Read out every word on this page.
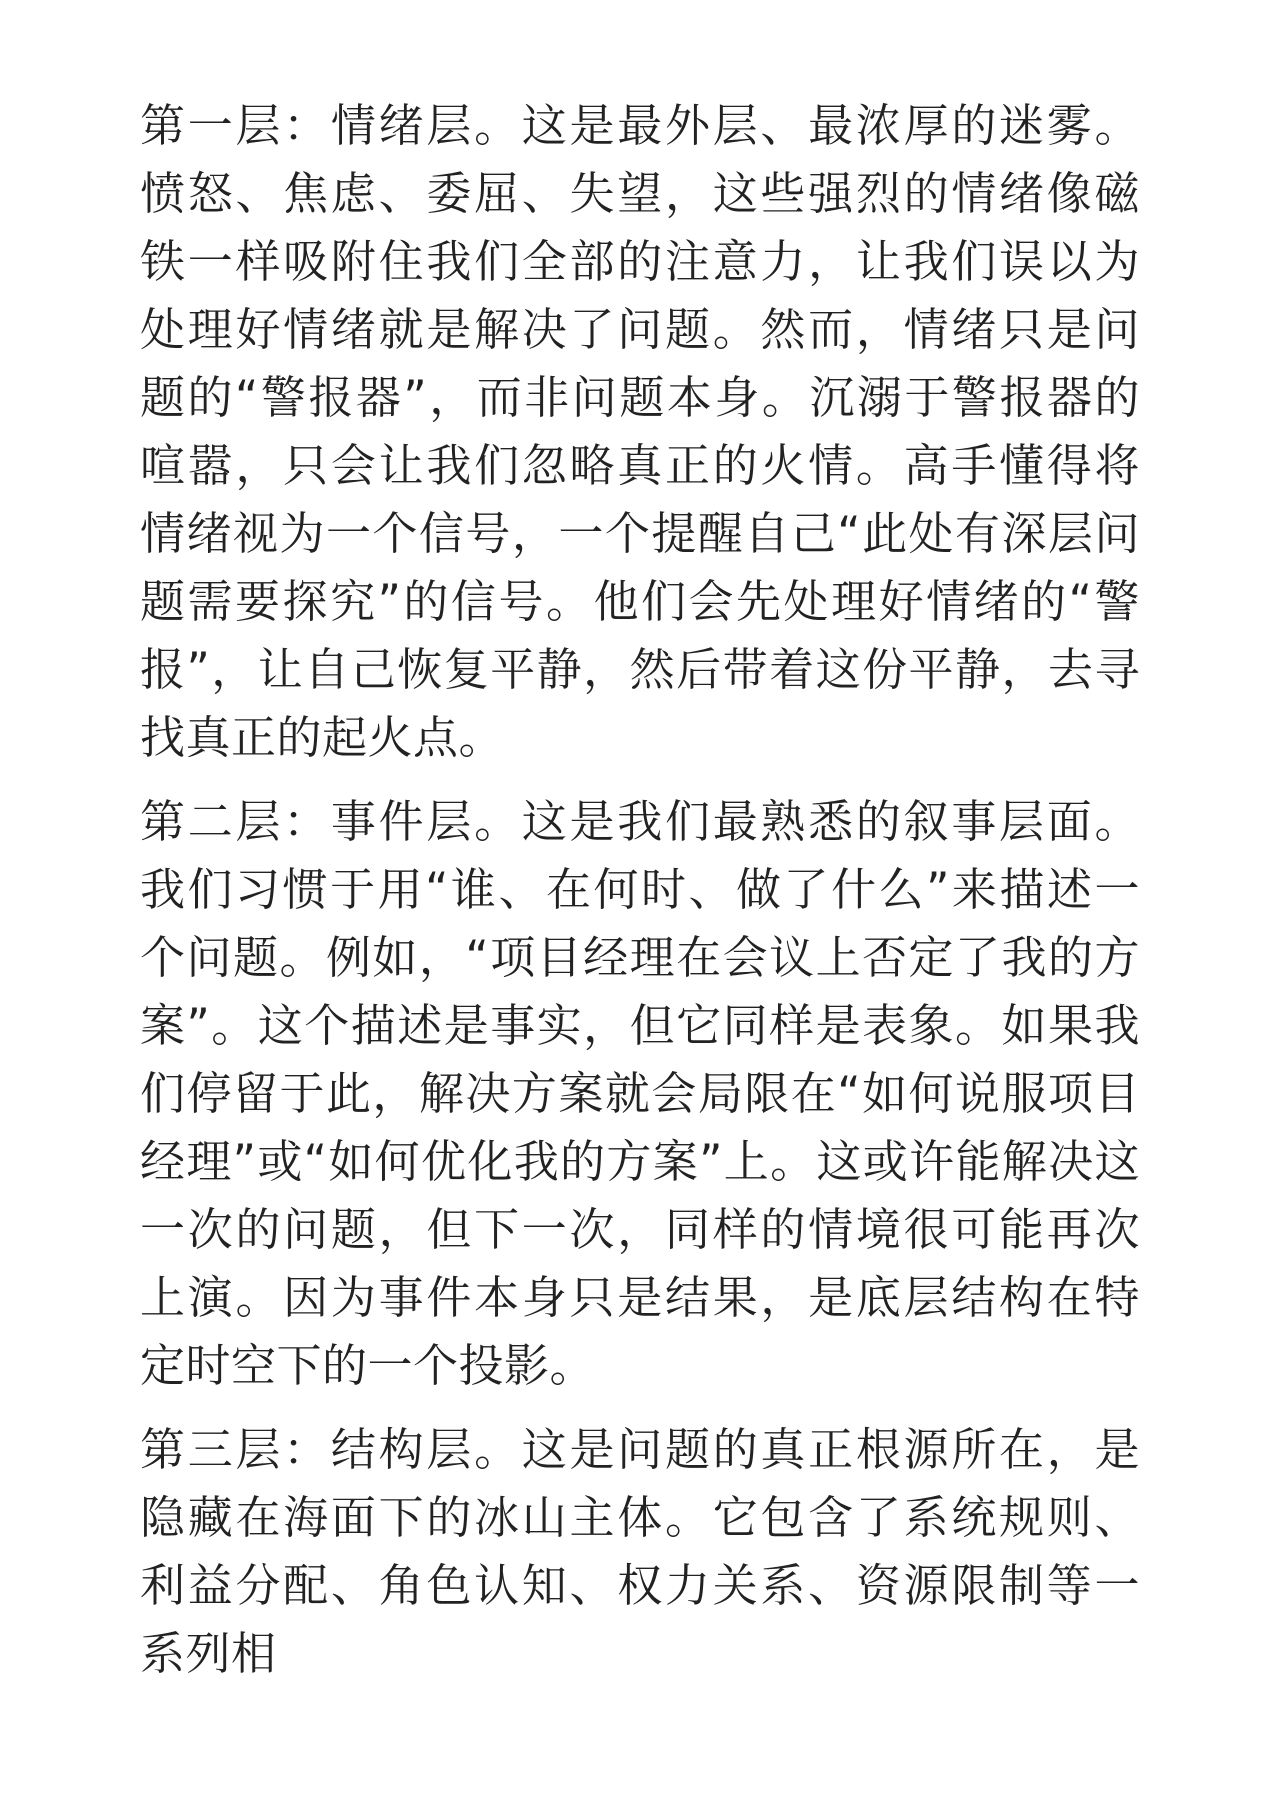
第一层：情绪层。这是最外层、最浓厚的迷雾。愤怒、焦虑、委屈、失望，这些强烈的情绪像磁铁一样吸附住我们全部的注意力，让我们误以为处理好情绪就是解决了问题。然而，情绪只是问题的“警报器”，而非问题本身。沉溺于警报器的喧嚣，只会让我们忽略真正的火情。高手懂得将情绪视为一个信号，一个提醒自己“此处有深层问题需要探究”的信号。他们会先处理好情绪的“警报”，让自己恢复平静，然后带着这份平静，去寻找真正的起火点。

第二层：事件层。这是我们最熟悉的叙事层面。我们习惯于用“谁、在何时、做了什么”来描述一个问题。例如，“项目经理在会议上否定了我的方案”。这个描述是事实，但它同样是表象。如果我们停留于此，解决方案就会局限在“如何说服项目经理”或“如何优化我的方案”上。这或许能解决这一次的问题，但下一次，同样的情境很可能再次上演。因为事件本身只是结果，是底层结构在特定时空下的一个投影。

第三层：结构层。这是问题的真正根源所在，是隐藏在海面下的冰山主体。它包含了系统规则、利益分配、角色认知、权力关系、资源限制等一系列相
